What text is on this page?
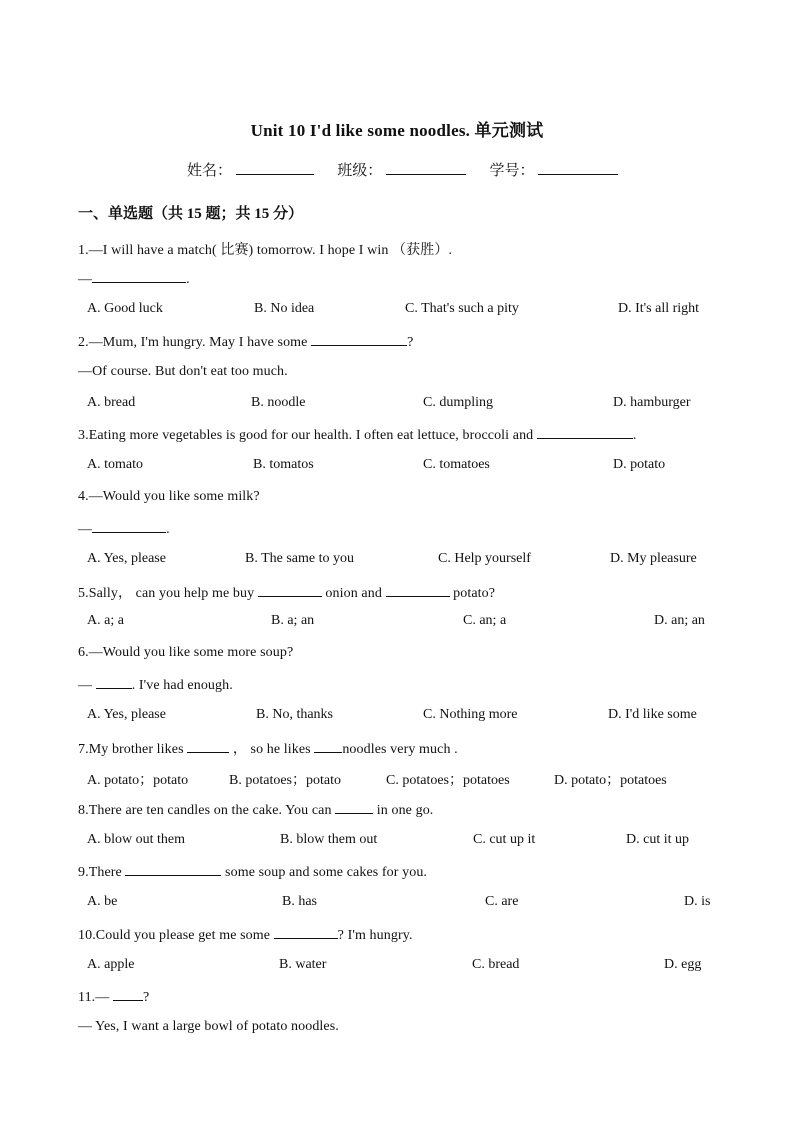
Unit 10 I'd like some noodles. 单元测试
姓名：	班级：	学号：
一、单选题（共 15 题；共 15 分）
1.—I will have a match( 比赛) tomorrow. I hope I win （获胜）.
—	.
A. Good luck	B. No idea	C. That's such a pity	D. It's all right
2.—Mum, I'm hungry. May I have some	?
—Of course. But don't eat too much.
A. bread	B. noodle	C. dumpling	D. hamburger
3.Eating more vegetables is good for our health. I often eat lettuce, broccoli and	.
A. tomato	B. tomatos	C. tomatoes	D. potato
4.—Would you like some milk?
—	.
A. Yes, please	B. The same to you	C. Help yourself	D. My pleasure
5.Sally， can you help me buy	onion and	potato?
A. a; a	B. a; an	C. an; a	D. an; an
6.—Would you like some more soup?
—	. I've had enough.
A. Yes, please	B. No, thanks	C. Nothing more	D. I'd like some
7.My brother likes	， so he likes noodles very much .
A. potato；potato	B. potatoes；potato	C. potatoes；potatoes	D. potato；potatoes
8.There are ten candles on the cake. You can	in one go.
A. blow out them	B. blow them out	C. cut up it	D. cut it up
9.There	some soup and some cakes for you.
A. be	B. has	C. are	D. is
10.Could you please get me some	? I'm hungry.
A. apple	B. water	C. bread	D. egg
11.— ?
— Yes, I want a large bowl of potato noodles.
